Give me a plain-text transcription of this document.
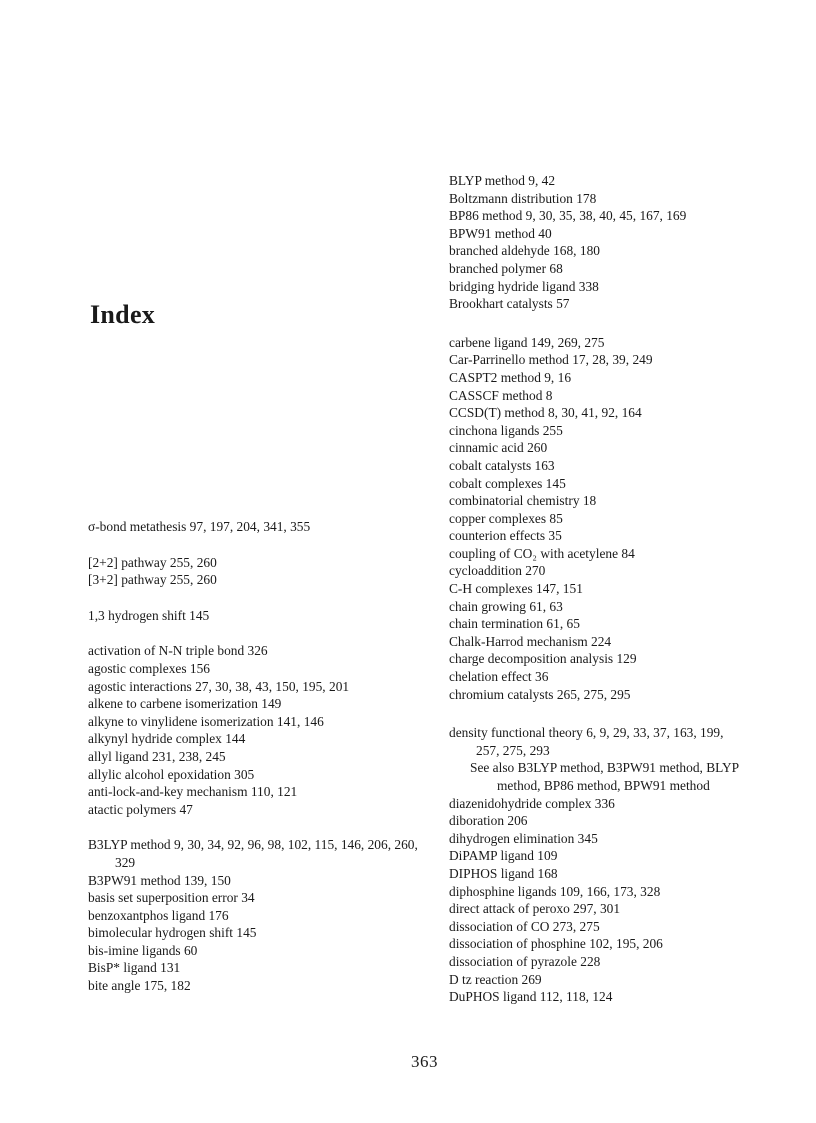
Index
σ-bond metathesis 97, 197, 204, 341, 355
[2+2] pathway 255, 260
[3+2] pathway 255, 260
1,3 hydrogen shift 145
activation of N-N triple bond 326
agostic complexes 156
agostic interactions 27, 30, 38, 43, 150, 195, 201
alkene to carbene isomerization 149
alkyne to vinylidene isomerization 141, 146
alkynyl hydride complex 144
allyl ligand 231, 238, 245
allylic alcohol epoxidation 305
anti-lock-and-key mechanism 110, 121
atactic polymers 47
B3LYP method 9, 30, 34, 92, 96, 98, 102, 115, 146, 206, 260, 329
B3PW91 method 139, 150
basis set superposition error 34
benzoxantphos ligand 176
bimolecular hydrogen shift 145
bis-imine ligands 60
BisP* ligand 131
bite angle 175, 182
BLYP method 9, 42
Boltzmann distribution 178
BP86 method 9, 30, 35, 38, 40, 45, 167, 169
BPW91 method 40
branched aldehyde 168, 180
branched polymer 68
bridging hydride ligand 338
Brookhart catalysts 57
carbene ligand 149, 269, 275
Car-Parrinello method 17, 28, 39, 249
CASPT2 method 9, 16
CASSCF method 8
CCSD(T) method 8, 30, 41, 92, 164
cinchona ligands 255
cinnamic acid 260
cobalt catalysts 163
cobalt complexes 145
combinatorial chemistry 18
copper complexes 85
counterion effects 35
coupling of CO₂ with acetylene 84
cycloaddition 270
C-H complexes 147, 151
chain growing 61, 63
chain termination 61, 65
Chalk-Harrod mechanism 224
charge decomposition analysis 129
chelation effect 36
chromium catalysts 265, 275, 295
density functional theory 6, 9, 29, 33, 37, 163, 199, 257, 275, 293
See also B3LYP method, B3PW91 method, BLYP method, BP86 method, BPW91 method
diazenidohydride complex 336
diboration 206
dihydrogen elimination 345
DiPAMP ligand 109
DIPHOS ligand 168
diphosphine ligands 109, 166, 173, 328
direct attack of peroxo 297, 301
dissociation of CO 273, 275
dissociation of phosphine 102, 195, 206
dissociation of pyrazole 228
D tz reaction 269
DuPHOS ligand 112, 118, 124
363
